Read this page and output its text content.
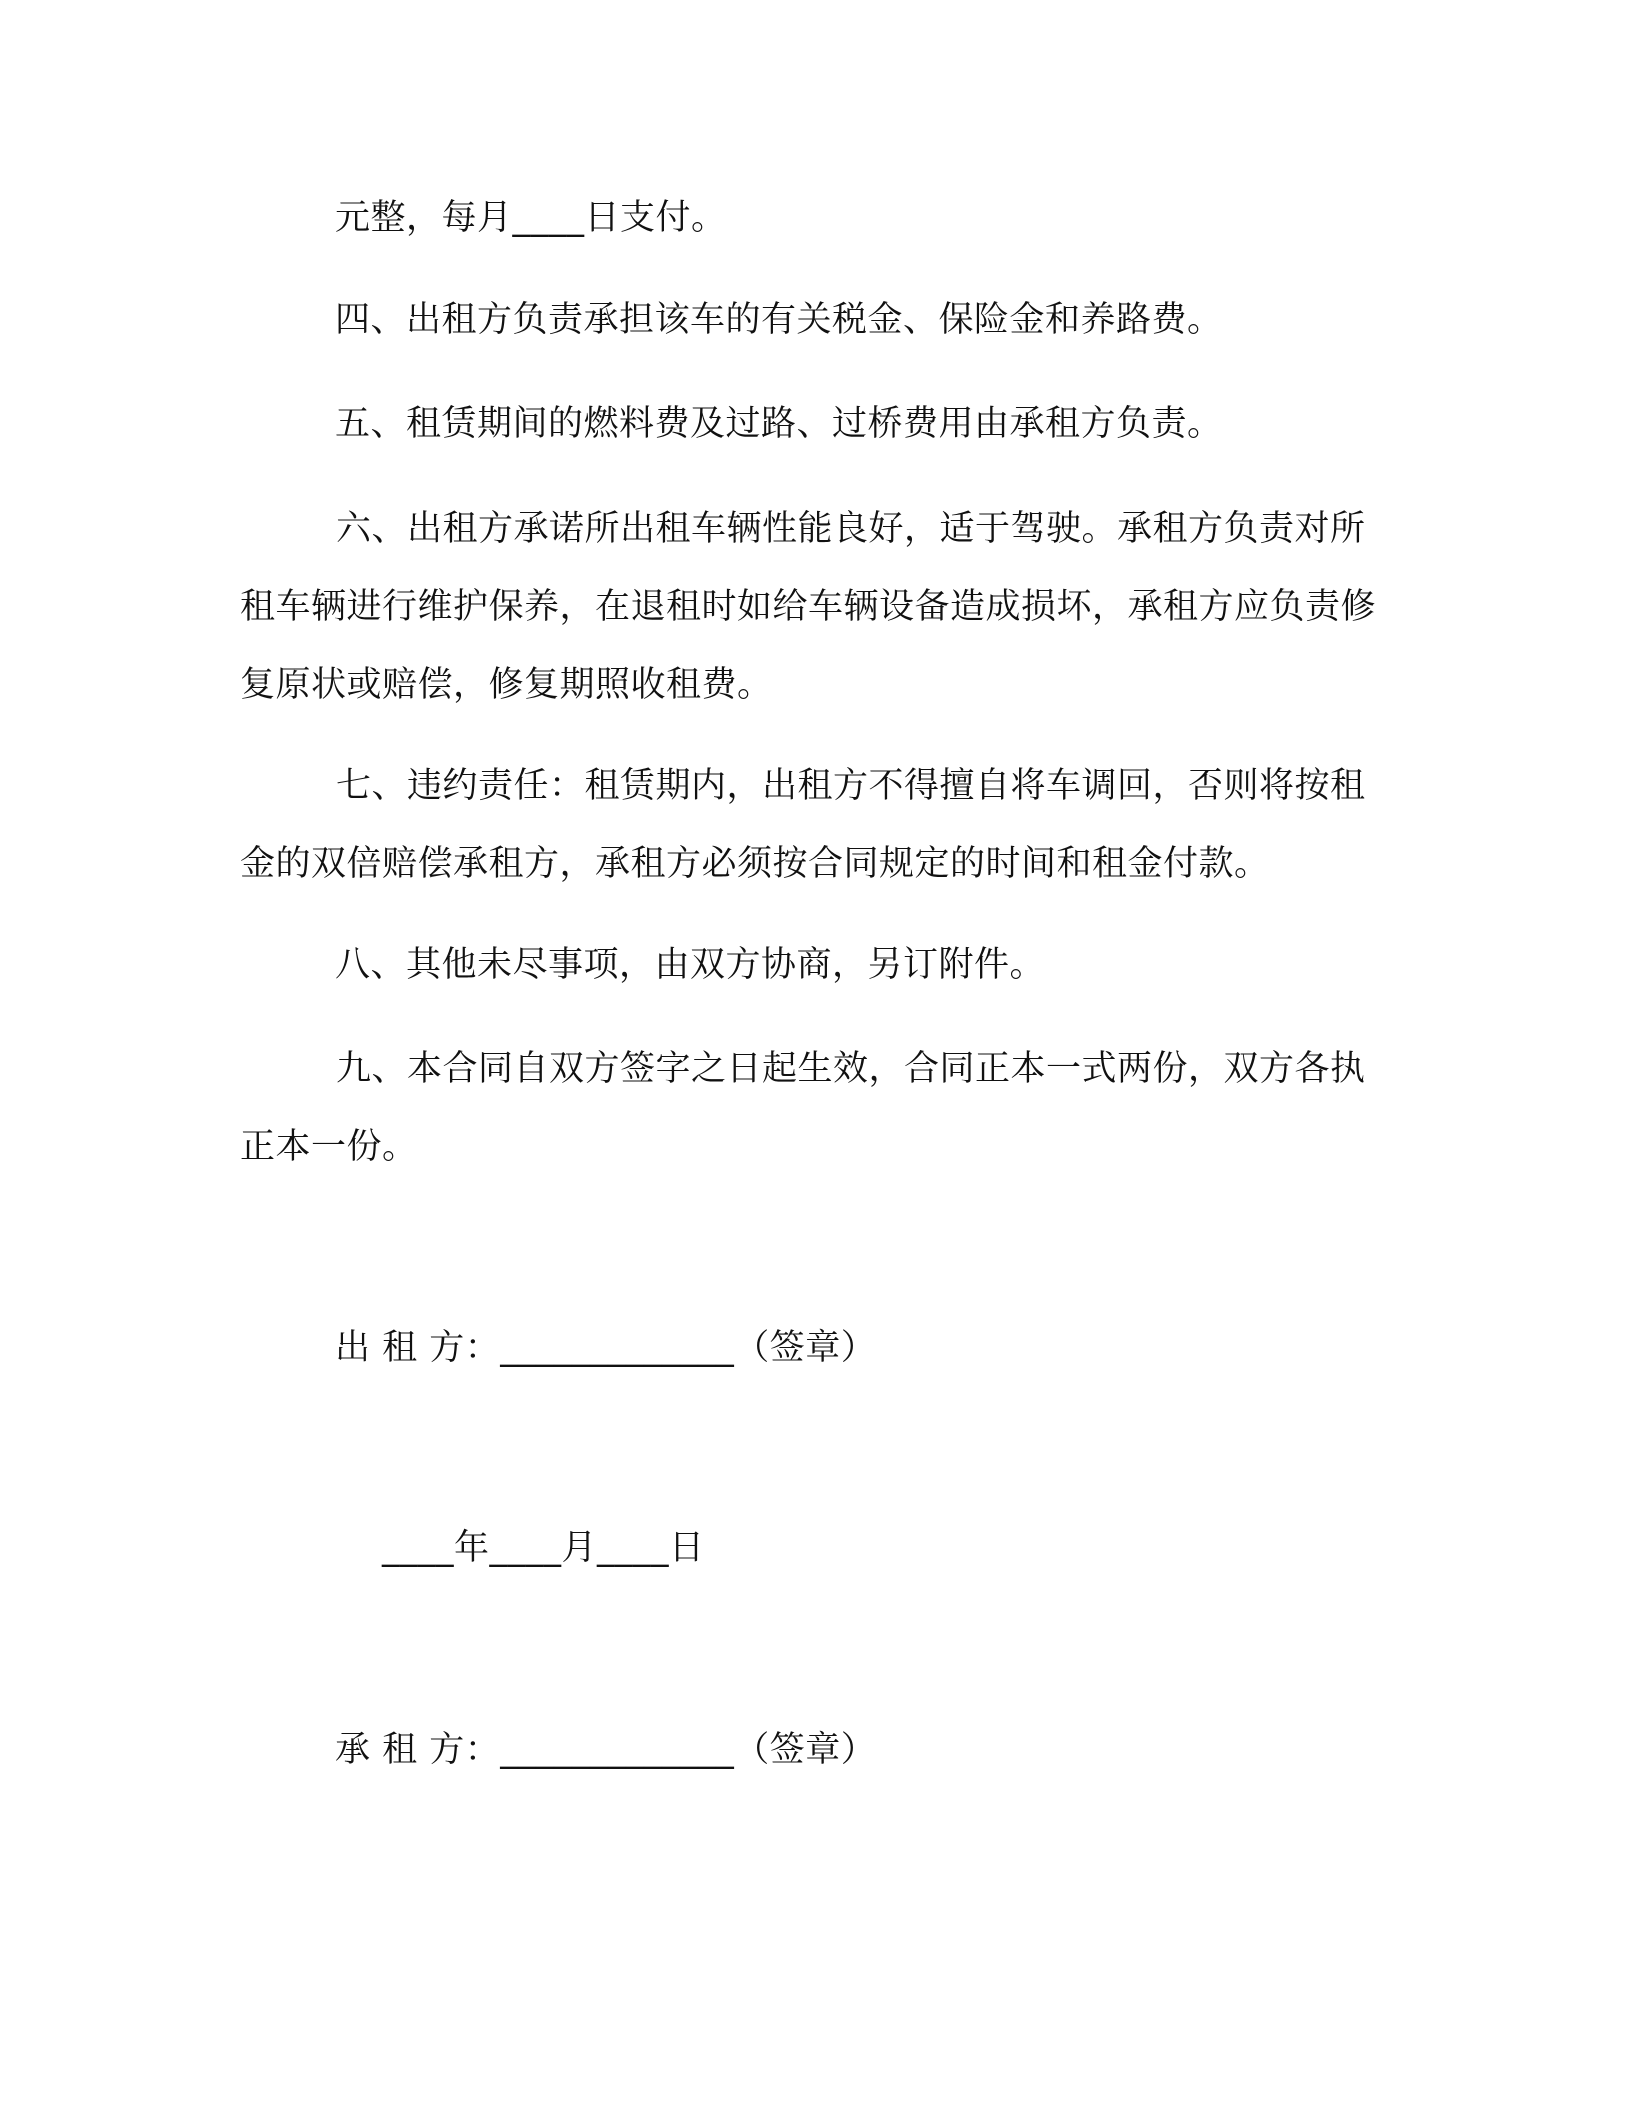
元整，每月____日支付。
四、出租方负责承担该车的有关税金、保险金和养路费。
五、租赁期间的燃料费及过路、过桥费用由承租方负责。

六、出租方承诺所出租车辆性能良好，适于驾驶。承租方负责对所租车辆进行维护保养，在退租时如给车辆设备造成损坏，承租方应负责修复原状或赔偿，修复期照收租费。

七、违约责任：租赁期内，出租方不得擅自将车调回，否则将按租金的双倍赔偿承租方，承租方必须按合同规定的时间和租金付款。

八、其他未尽事项，由双方协商，另订附件。

九、本合同自双方签字之日起生效，合同正本一式两份，双方各执正本一份。

出 租 方：_____________（签章）
____年____月____日
承 租 方：_____________（签章）
